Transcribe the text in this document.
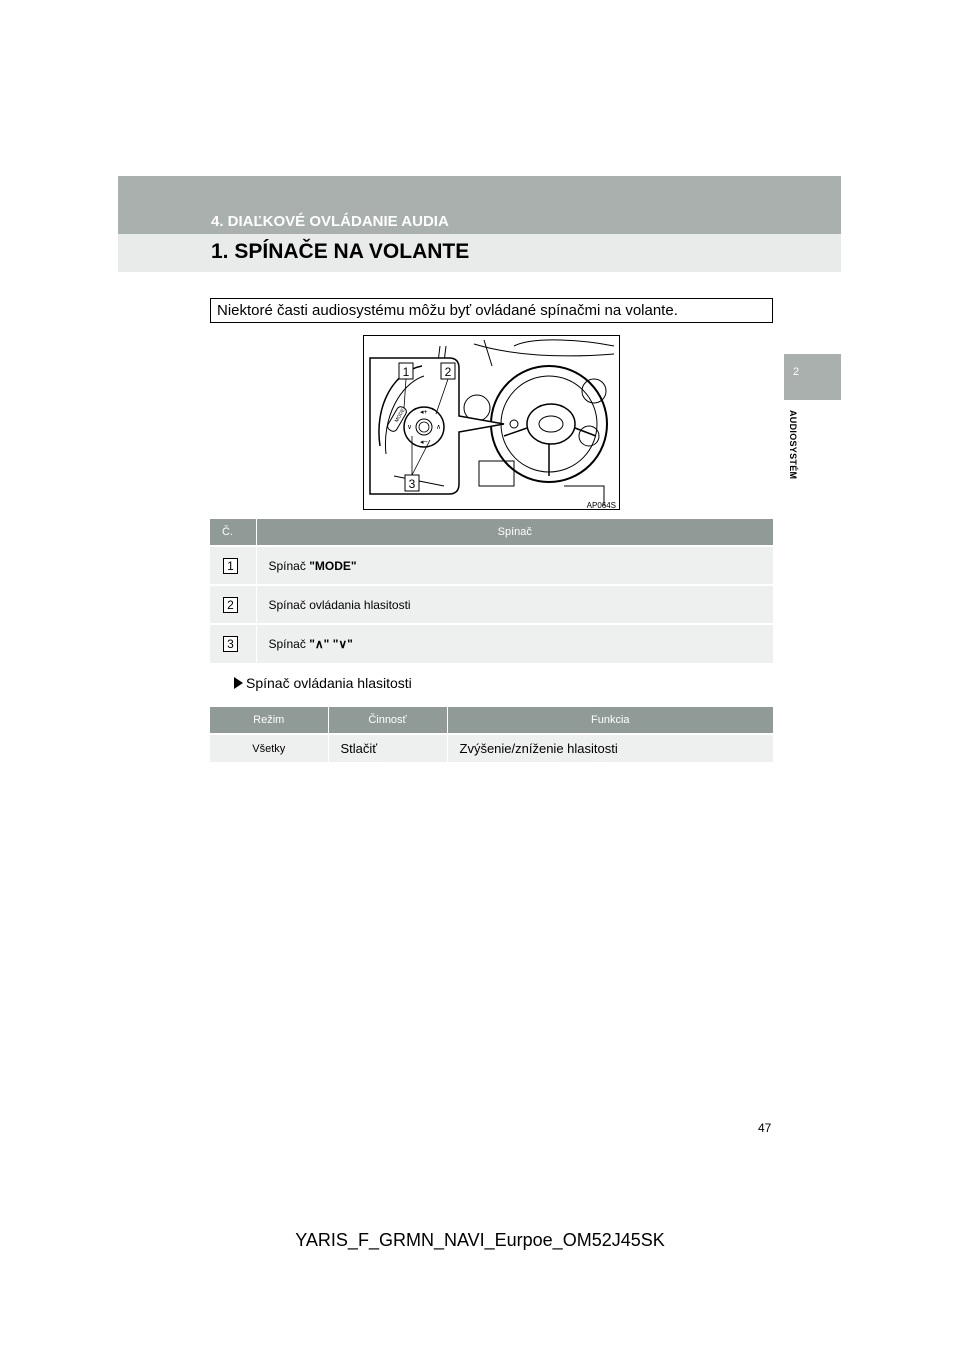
4. DIAĽKOVÉ OVLÁDANIE AUDIA
1. SPÍNAČE NA VOLANTE
2
AUDIOSYSTÉM
Niektoré časti audiosystému môžu byť ovládané spínačmi na volante.
MODE ◂+
◂−
∨	∧
1	2
3
AP064S
Č.	Spínač
1	Spínač "MODE"
2	Spínač ovládania hlasitosti
3	Spínač "∧" "∨"
Spínač ovládania hlasitosti
Režim	Činnosť	Funkcia
Všetky	Stlačiť	Zvýšenie/zníženie hlasitosti
47
YARIS_F_GRMN_NAVI_Eurpoe_OM52J45SK
